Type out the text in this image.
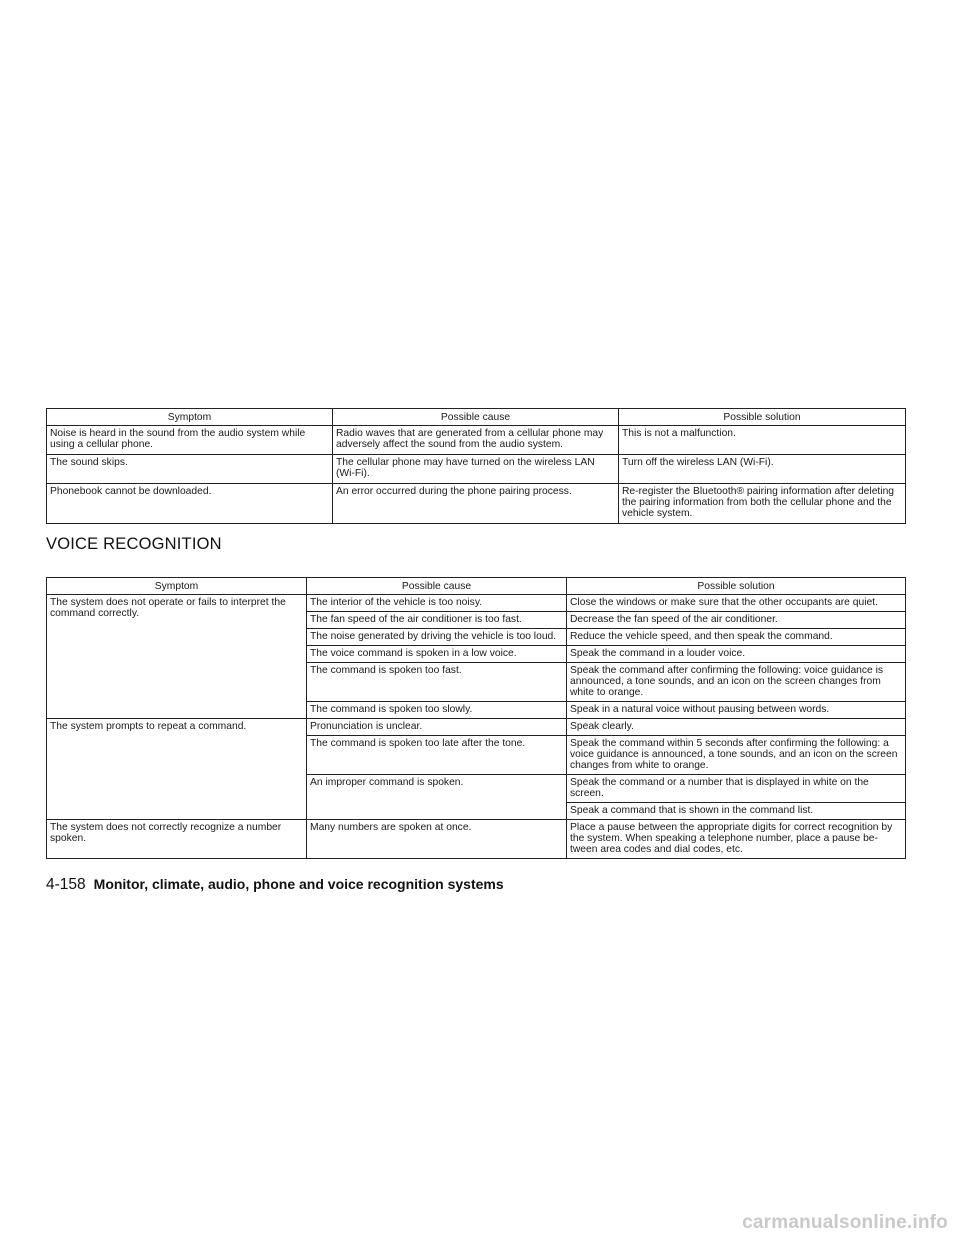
Symptom	Possible cause	Possible solution
Noise is heard in the sound from the audio system while using a cellular phone.	Radio waves that are generated from a cellular phone may adversely affect the sound from the audio system.	This is not a malfunction.
The sound skips.	The cellular phone may have turned on the wireless LAN (Wi-Fi).	Turn off the wireless LAN (Wi-Fi).
Phonebook cannot be downloaded.	An error occurred during the phone pairing process.	Re-register the Bluetooth® pairing information after deleting the pairing information from both the cellular phone and the vehicle system.
VOICE RECOGNITION
Symptom	Possible cause	Possible solution
The system does not operate or fails to interpret the command correctly.	The interior of the vehicle is too noisy.	Close the windows or make sure that the other occupants are quiet.
	The fan speed of the air conditioner is too fast.	Decrease the fan speed of the air conditioner.
	The noise generated by driving the vehicle is too loud.	Reduce the vehicle speed, and then speak the command.
	The voice command is spoken in a low voice.	Speak the command in a louder voice.
	The command is spoken too fast.	Speak the command after confirming the following: voice guidance is announced, a tone sounds, and an icon on the screen changes from white to orange.
	The command is spoken too slowly.	Speak in a natural voice without pausing between words.
The system prompts to repeat a command.	Pronunciation is unclear.	Speak clearly.
	The command is spoken too late after the tone.	Speak the command within 5 seconds after confirming the following: a voice guidance is announced, a tone sounds, and an icon on the screen changes from white to orange.
	An improper command is spoken.	Speak the command or a number that is displayed in white on the screen.
		Speak a command that is shown in the command list.
The system does not correctly recognize a number spoken.	Many numbers are spoken at once.	Place a pause between the appropriate digits for correct recognition by the system. When speaking a telephone number, place a pause be-tween area codes and dial codes, etc.
4-158 Monitor, climate, audio, phone and voice recognition systems
carmanualsonline.info
